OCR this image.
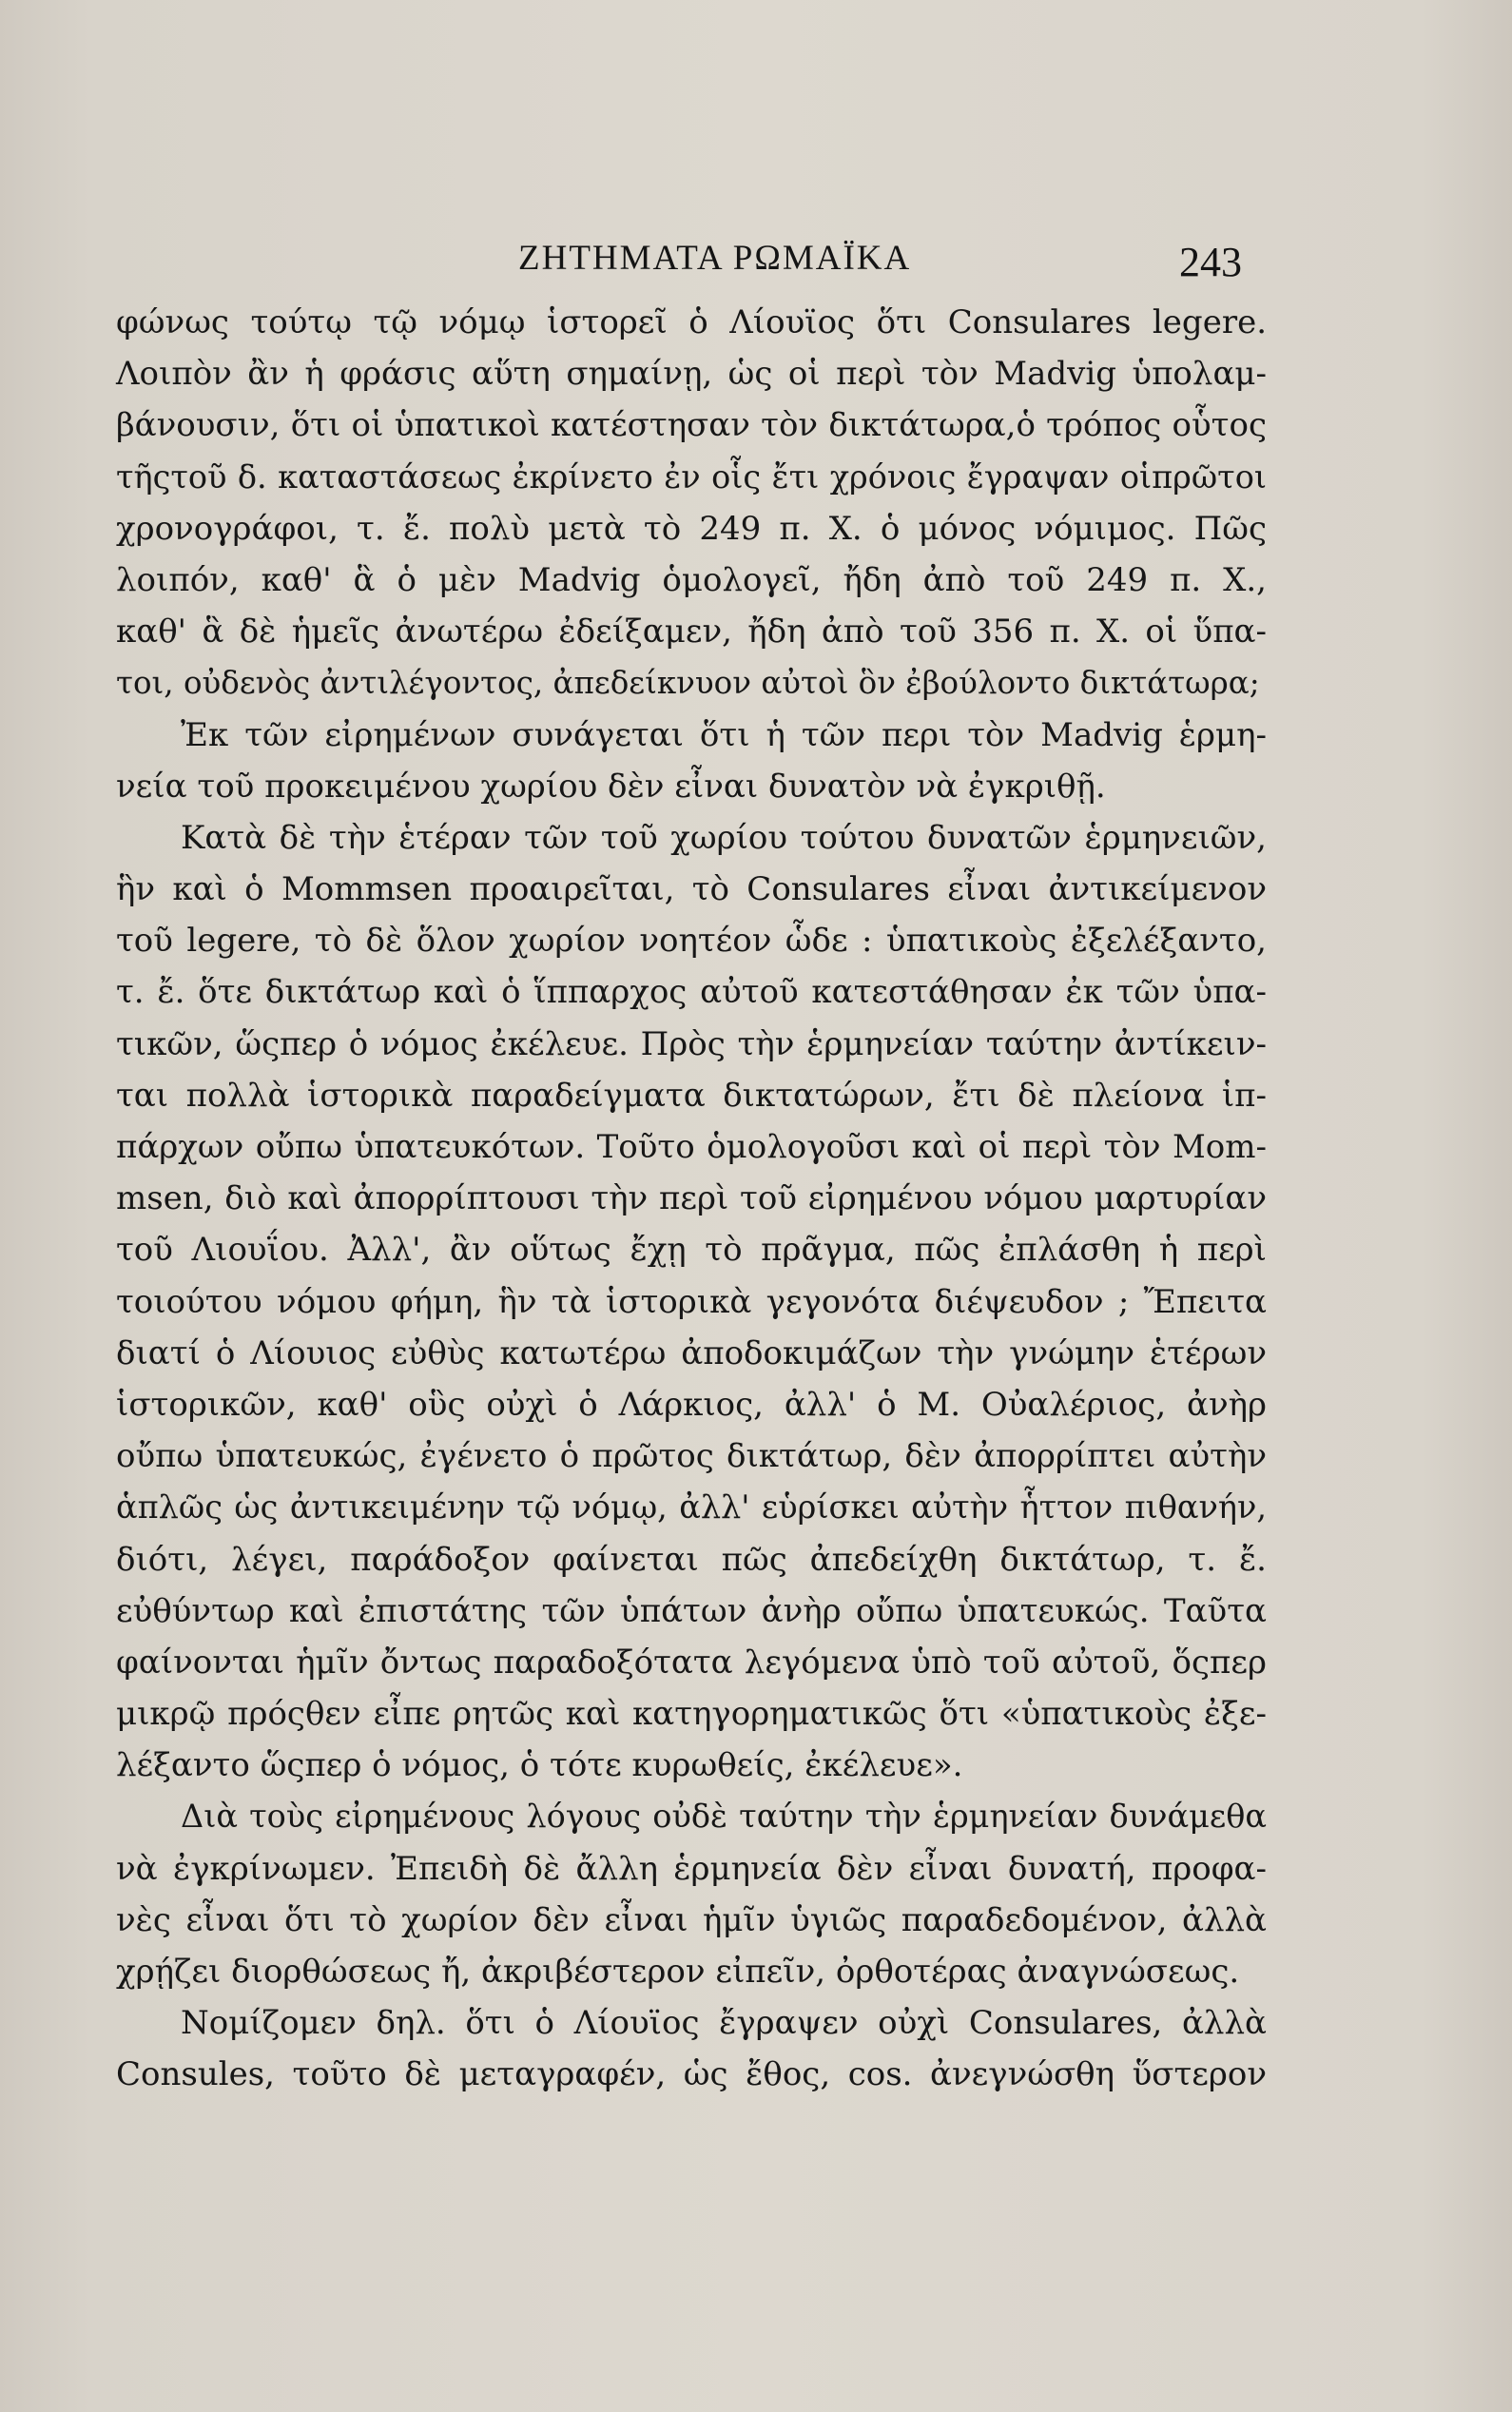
ΖΗΤΗΜΑΤΑ ΡΩΜΑΪΚΑ	243
φώνως τούτῳ τῷ νόμῳ ἱστορεῖ ὁ Λίουϊος ὅτι Consulares legere.
Λοιπὸν ἂν ἡ φράσις αὕτη σημαίνῃ, ὡς οἱ περὶ τὸν Madvig ὑπολαμ-
βάνουσιν, ὅτι οἱ ὑπατικοὶ κατέστησαν τὸν δικτάτωρα,ὁ τρόπος οὗτος
τῆςτοῦ δ. καταστάσεως ἐκρίνετο ἐν οἷς ἔτι χρόνοις ἔγραψαν οἱπρῶτοι
χρονογράφοι, τ. ἔ. πολὺ μετὰ τὸ 249 π. Χ. ὁ μόνος νόμιμος. Πῶς
λοιπόν, καθ' ἃ ὁ μὲν Madvig ὁμολογεῖ, ἤδη ἀπὸ τοῦ 249 π. Χ.,
καθ' ἃ δὲ ἡμεῖς ἀνωτέρω ἐδείξαμεν, ἤδη ἀπὸ τοῦ 356 π. Χ. οἱ ὕπα-
τοι, οὐδενὸς ἀντιλέγοντος, ἀπεδείκνυον αὐτοὶ ὃν ἐβούλοντο δικτάτωρα;
Ἐκ τῶν εἰρημένων συνάγεται ὅτι ἡ τῶν περι τὸν Madvig ἑρμη-
νεία τοῦ προκειμένου χωρίου δὲν εἶναι δυνατὸν νὰ ἐγκριθῇ.
Κατὰ δὲ τὴν ἑτέραν τῶν τοῦ χωρίου τούτου δυνατῶν ἑρμηνειῶν,
ἣν καὶ ὁ Mommsen προαιρεῖται, τὸ Consulares εἶναι ἀντικείμενον
τοῦ legere, τὸ δὲ ὅλον χωρίον νοητέον ὧδε : ὑπατικοὺς ἐξελέξαντο,
τ. ἔ. ὅτε δικτάτωρ καὶ ὁ ἵππαρχος αὐτοῦ κατεστάθησαν ἐκ τῶν ὑπα-
τικῶν, ὥςπερ ὁ νόμος ἐκέλευε. Πρὸς τὴν ἑρμηνείαν ταύτην ἀντίκειν-
ται πολλὰ ἱστορικὰ παραδείγματα δικτατώρων, ἔτι δὲ πλείονα ἱπ-
πάρχων οὔπω ὑπατευκότων. Τοῦτο ὁμολογοῦσι καὶ οἱ περὶ τὸν Mom-
msen, διὸ καὶ ἀπορρίπτουσι τὴν περὶ τοῦ εἰρημένου νόμου μαρτυρίαν
τοῦ Λιουΐου. Ἀλλ', ἂν οὕτως ἔχῃ τὸ πρᾶγμα, πῶς ἐπλάσθη ἡ περὶ
τοιούτου νόμου φήμη, ἣν τὰ ἱστορικὰ γεγονότα διέψευδον ; Ἔπειτα
διατί ὁ Λίουιος εὐθὺς κατωτέρω ἀποδοκιμάζων τὴν γνώμην ἑτέρων
ἱστορικῶν, καθ' οὓς οὐχὶ ὁ Λάρκιος, ἀλλ' ὁ Μ. Οὐαλέριος, ἀνὴρ
οὔπω ὑπατευκώς, ἐγένετο ὁ πρῶτος δικτάτωρ, δὲν ἀπορρίπτει αὐτὴν
ἁπλῶς ὡς ἀντικειμένην τῷ νόμῳ, ἀλλ' εὑρίσκει αὐτὴν ἧττον πιθανήν,
διότι, λέγει, παράδοξον φαίνεται πῶς ἀπεδείχθη δικτάτωρ, τ. ἔ.
εὐθύντωρ καὶ ἐπιστάτης τῶν ὑπάτων ἀνὴρ οὔπω ὑπατευκώς. Ταῦτα
φαίνονται ἡμῖν ὄντως παραδοξότατα λεγόμενα ὑπὸ τοῦ αὐτοῦ, ὅςπερ
μικρῷ πρόςθεν εἶπε ρητῶς καὶ κατηγορηματικῶς ὅτι «ὑπατικοὺς ἐξε-
λέξαντο ὥςπερ ὁ νόμος, ὁ τότε κυρωθείς, ἐκέλευε».
Διὰ τοὺς εἰρημένους λόγους οὐδὲ ταύτην τὴν ἑρμηνείαν δυνάμεθα
νὰ ἐγκρίνωμεν. Ἐπειδὴ δὲ ἄλλη ἑρμηνεία δὲν εἶναι δυνατή, προφα-
νὲς εἶναι ὅτι τὸ χωρίον δὲν εἶναι ἡμῖν ὑγιῶς παραδεδομένον, ἀλλὰ
χρῄζει διορθώσεως ἤ, ἀκριβέστερον εἰπεῖν, ὀρθοτέρας ἀναγνώσεως.
Νομίζομεν δηλ. ὅτι ὁ Λίουϊος ἔγραψεν οὐχὶ Consulares, ἀλλὰ
Consules, τοῦτο δὲ μεταγραφέν, ὡς ἔθος, cos. ἀνεγνώσθη ὕστερον
